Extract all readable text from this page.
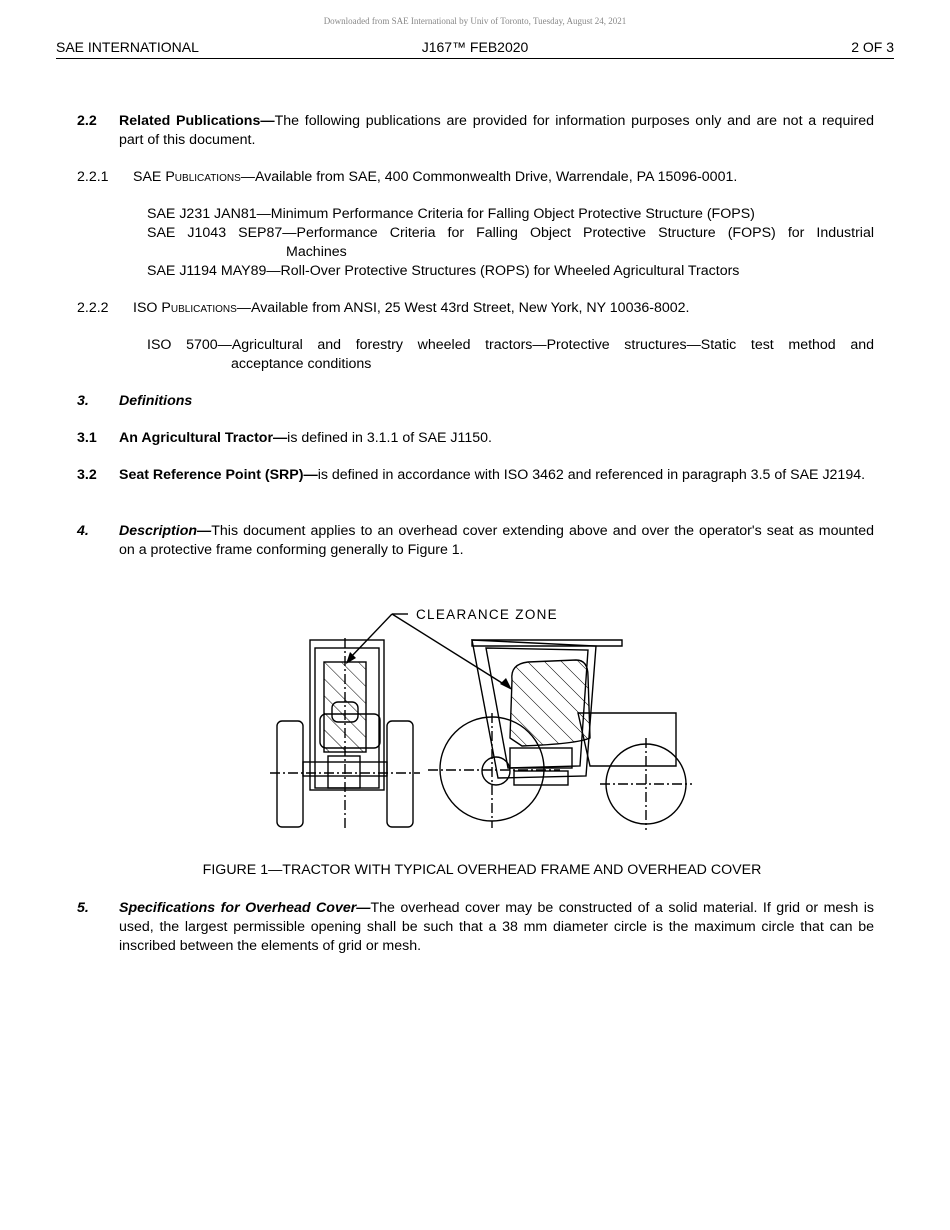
Downloaded from SAE International by Univ of Toronto, Tuesday, August 24, 2021
SAE INTERNATIONAL	J167™ FEB2020	2 OF 3
2.2 Related Publications—The following publications are provided for information purposes only and are not a required part of this document.
2.2.1 SAE Publications—Available from SAE, 400 Commonwealth Drive, Warrendale, PA 15096-0001.
SAE J231 JAN81—Minimum Performance Criteria for Falling Object Protective Structure (FOPS)
SAE J1043 SEP87—Performance Criteria for Falling Object Protective Structure (FOPS) for Industrial
Machines
SAE J1194 MAY89—Roll-Over Protective Structures (ROPS) for Wheeled Agricultural Tractors
2.2.2 ISO Publications—Available from ANSI, 25 West 43rd Street, New York, NY 10036-8002.
ISO 5700—Agricultural and forestry wheeled tractors—Protective structures—Static test method and
acceptance conditions
3. Definitions
3.1 An Agricultural Tractor—is defined in 3.1.1 of SAE J1150.
3.2 Seat Reference Point (SRP)—is defined in accordance with ISO 3462 and referenced in paragraph 3.5 of SAE J2194.
4. Description—This document applies to an overhead cover extending above and over the operator's seat as mounted on a protective frame conforming generally to Figure 1.
CLEARANCE ZONE
FIGURE 1—TRACTOR WITH TYPICAL OVERHEAD FRAME AND OVERHEAD COVER
5. Specifications for Overhead Cover—The overhead cover may be constructed of a solid material. If grid or mesh is used, the largest permissible opening shall be such that a 38 mm diameter circle is the maximum circle that can be inscribed between the elements of grid or mesh.
